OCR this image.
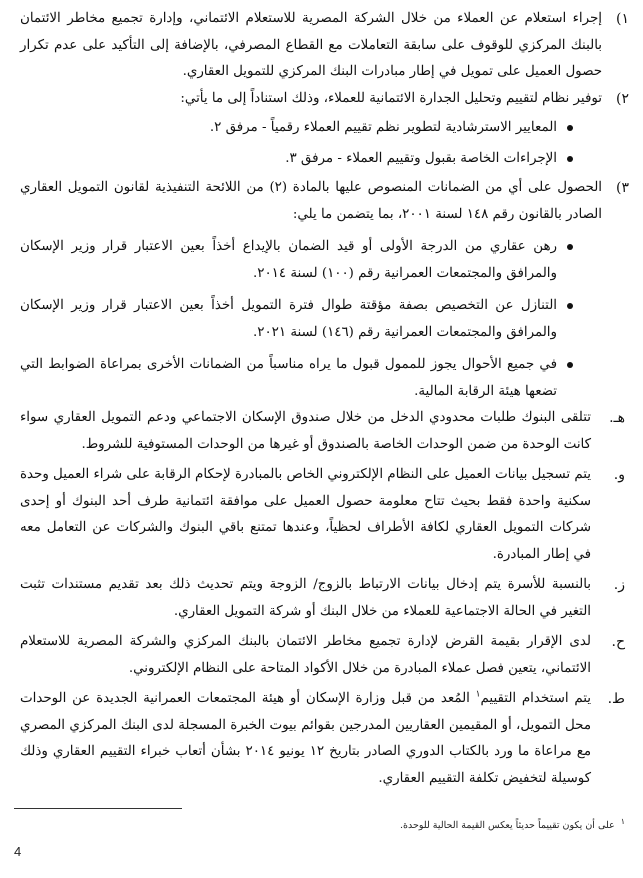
١)
إجراء استعلام عن العملاء من خلال الشركة المصرية للاستعلام الائتماني، وإدارة تجميع مخاطر الائتمان بالبنك المركزي للوقوف على سابقة التعاملات مع القطاع المصرفي، بالإضافة إلى التأكيد على عدم تكرار حصول العميل على تمويل في إطار مبادرات البنك المركزي للتمويل العقاري.

٢)
توفير نظام لتقييم وتحليل الجدارة الائتمانية للعملاء، وذلك استناداً إلى ما يأتي:

المعايير الاسترشادية لتطوير نظم تقييم العملاء رقمياً - مرفق ٢.

الإجراءات الخاصة بقبول وتقييم العملاء - مرفق ٣.

٣)
الحصول على أي من الضمانات المنصوص عليها بالمادة (٢) من اللائحة التنفيذية لقانون التمويل العقاري الصادر بالقانون رقم ١٤٨ لسنة ٢٠٠١، بما يتضمن ما يلي:

رهن عقاري من الدرجة الأولى أو قيد الضمان بالإيداع أخذاً بعين الاعتبار قرار وزير الإسكان والمرافق والمجتمعات العمرانية رقم (١٠٠) لسنة ٢٠١٤.

التنازل عن التخصيص بصفة مؤقتة طوال فترة التمويل أخذاً بعين الاعتبار قرار وزير الإسكان والمرافق والمجتمعات العمرانية رقم (١٤٦) لسنة ٢٠٢١.

في جميع الأحوال يجوز للممول قبول ما يراه مناسباً من الضمانات الأخرى بمراعاة الضوابط التي تضعها هيئة الرقابة المالية.

هـ.
تتلقى البنوك طلبات محدودي الدخل من خلال صندوق الإسكان الاجتماعي ودعم التمويل العقاري سواء كانت الوحدة من ضمن الوحدات الخاصة بالصندوق أو غيرها من الوحدات المستوفية للشروط.

و.
يتم تسجيل بيانات العميل على النظام الإلكتروني الخاص بالمبادرة لإحكام الرقابة على شراء العميل وحدة سكنية واحدة فقط بحيث تتاح معلومة حصول العميل على موافقة ائتمانية طرف أحد البنوك أو إحدى شركات التمويل العقاري لكافة الأطراف لحظياً، وعندها تمتنع باقي البنوك والشركات عن التعامل معه في إطار المبادرة.

ز.
بالنسبة للأسرة يتم إدخال بيانات الارتباط بالزوج/ الزوجة ويتم تحديث ذلك بعد تقديم مستندات تثبت التغير في الحالة الاجتماعية للعملاء من خلال البنك أو شركة التمويل العقاري.

ح.
لدى الإقرار بقيمة القرض لإدارة تجميع مخاطر الائتمان بالبنك المركزي والشركة المصرية للاستعلام الائتماني، يتعين فصل عملاء المبادرة من خلال الأكواد المتاحة على النظام الإلكتروني.

ط.
يتم استخدام التقييم$^١$ المُعد من قبل وزارة الإسكان أو هيئة المجتمعات العمرانية الجديدة عن الوحدات محل التمويل، أو المقيمين العقاريين المدرجين بقوائم بيوت الخبرة المسجلة لدى البنك المركزي المصري مع مراعاة ما ورد بالكتاب الدوري الصادر بتاريخ ١٢ يونيو ٢٠١٤ بشأن أتعاب خبراء التقييم العقاري وذلك كوسيلة لتخفيض تكلفة التقييم العقاري.

$^١$على أن يكون تقييماً حديثاً يعكس القيمة الحالية للوحدة.
4
